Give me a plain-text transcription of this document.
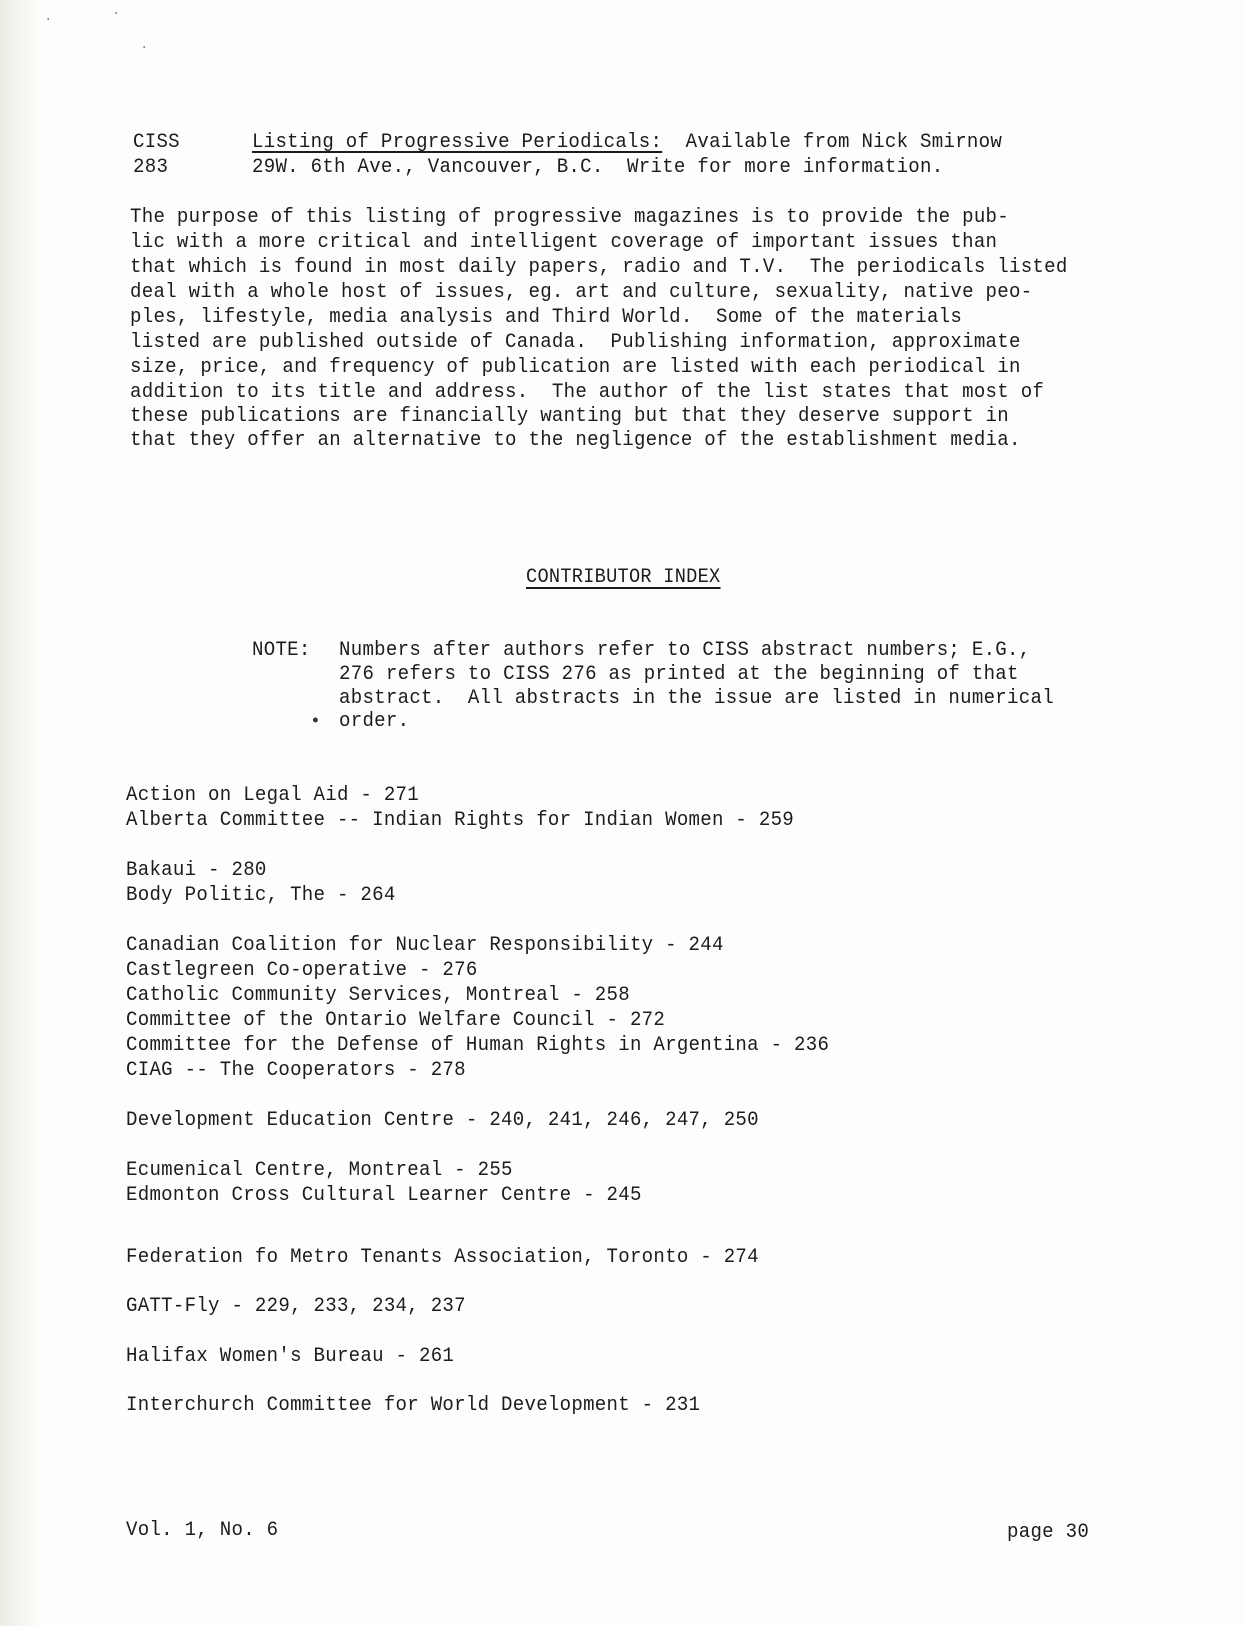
·	·
·
CISS
283
Listing of Progressive Periodicals: Available from Nick Smirnow
29W. 6th Ave., Vancouver, B.C.  Write for more information.
The purpose of this listing of progressive magazines is to provide the pub-
lic with a more critical and intelligent coverage of important issues than
that which is found in most daily papers, radio and T.V.  The periodicals listed
deal with a whole host of issues, eg. art and culture, sexuality, native peo-
ples, lifestyle, media analysis and Third World.  Some of the materials
listed are published outside of Canada.  Publishing information, approximate
size, price, and frequency of publication are listed with each periodical in
addition to its title and address.  The author of the list states that most of
these publications are financially wanting but that they deserve support in
that they offer an alternative to the negligence of the establishment media.
CONTRIBUTOR INDEX
NOTE: Numbers after authors refer to CISS abstract numbers; E.G.,
276 refers to CISS 276 as printed at the beginning of that
abstract.  All abstracts in the issue are listed in numerical
order.
•
Action on Legal Aid - 271
Alberta Committee -- Indian Rights for Indian Women - 259
Bakaui - 280
Body Politic, The - 264
Canadian Coalition for Nuclear Responsibility - 244
Castlegreen Co-operative - 276
Catholic Community Services, Montreal - 258
Committee of the Ontario Welfare Council - 272
Committee for the Defense of Human Rights in Argentina - 236
CIAG -- The Cooperators - 278
Development Education Centre - 240, 241, 246, 247, 250
Ecumenical Centre, Montreal - 255
Edmonton Cross Cultural Learner Centre - 245
Federation fo Metro Tenants Association, Toronto - 274
GATT-Fly - 229, 233, 234, 237
Halifax Women's Bureau - 261
Interchurch Committee for World Development - 231
Vol. 1, No. 6	page 30
